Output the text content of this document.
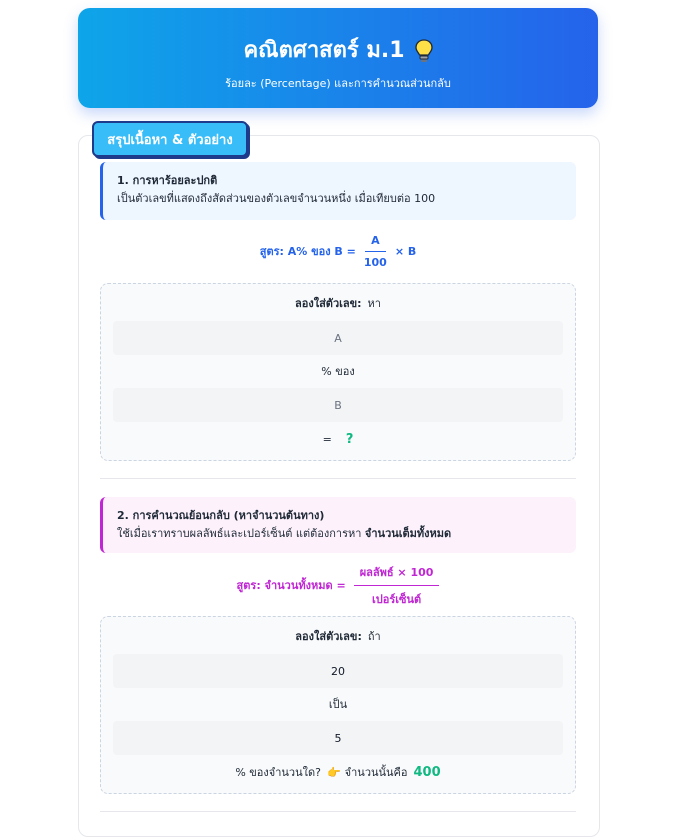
คณิตศาสตร์ ม.1
ร้อยละ (Percentage) และการคำนวณส่วนกลับ
สรุปเนื้อหา & ตัวอย่าง
1. การหาร้อยละปกติ
เป็นตัวเลขที่แสดงถึงสัดส่วนของตัวเลขจำนวนหนึ่ง เมื่อเทียบต่อ 100
สูตร: A% ของ $B = \frac{A}{100} \times B$
ลองใส่ตัวเลข: หา
A
% ของ
B
= ?
2. การคำนวณย้อนกลับ (หาจำนวนต้นทาง)
ใช้เมื่อเราทราบผลลัพธ์และเปอร์เซ็นต์ แต่ต้องการหา จำนวนเต็มทั้งหมด
สูตร: จำนวนทั้งหมด = $\frac{\text{ผลลัพธ์ × 100}}{\text{เปอร์เซ็นต์}}$
ลองใส่ตัวเลข: ถ้า
20
เป็น
5
% ของจำนวนใด? 👉 จำนวนนั้นคือ 400
